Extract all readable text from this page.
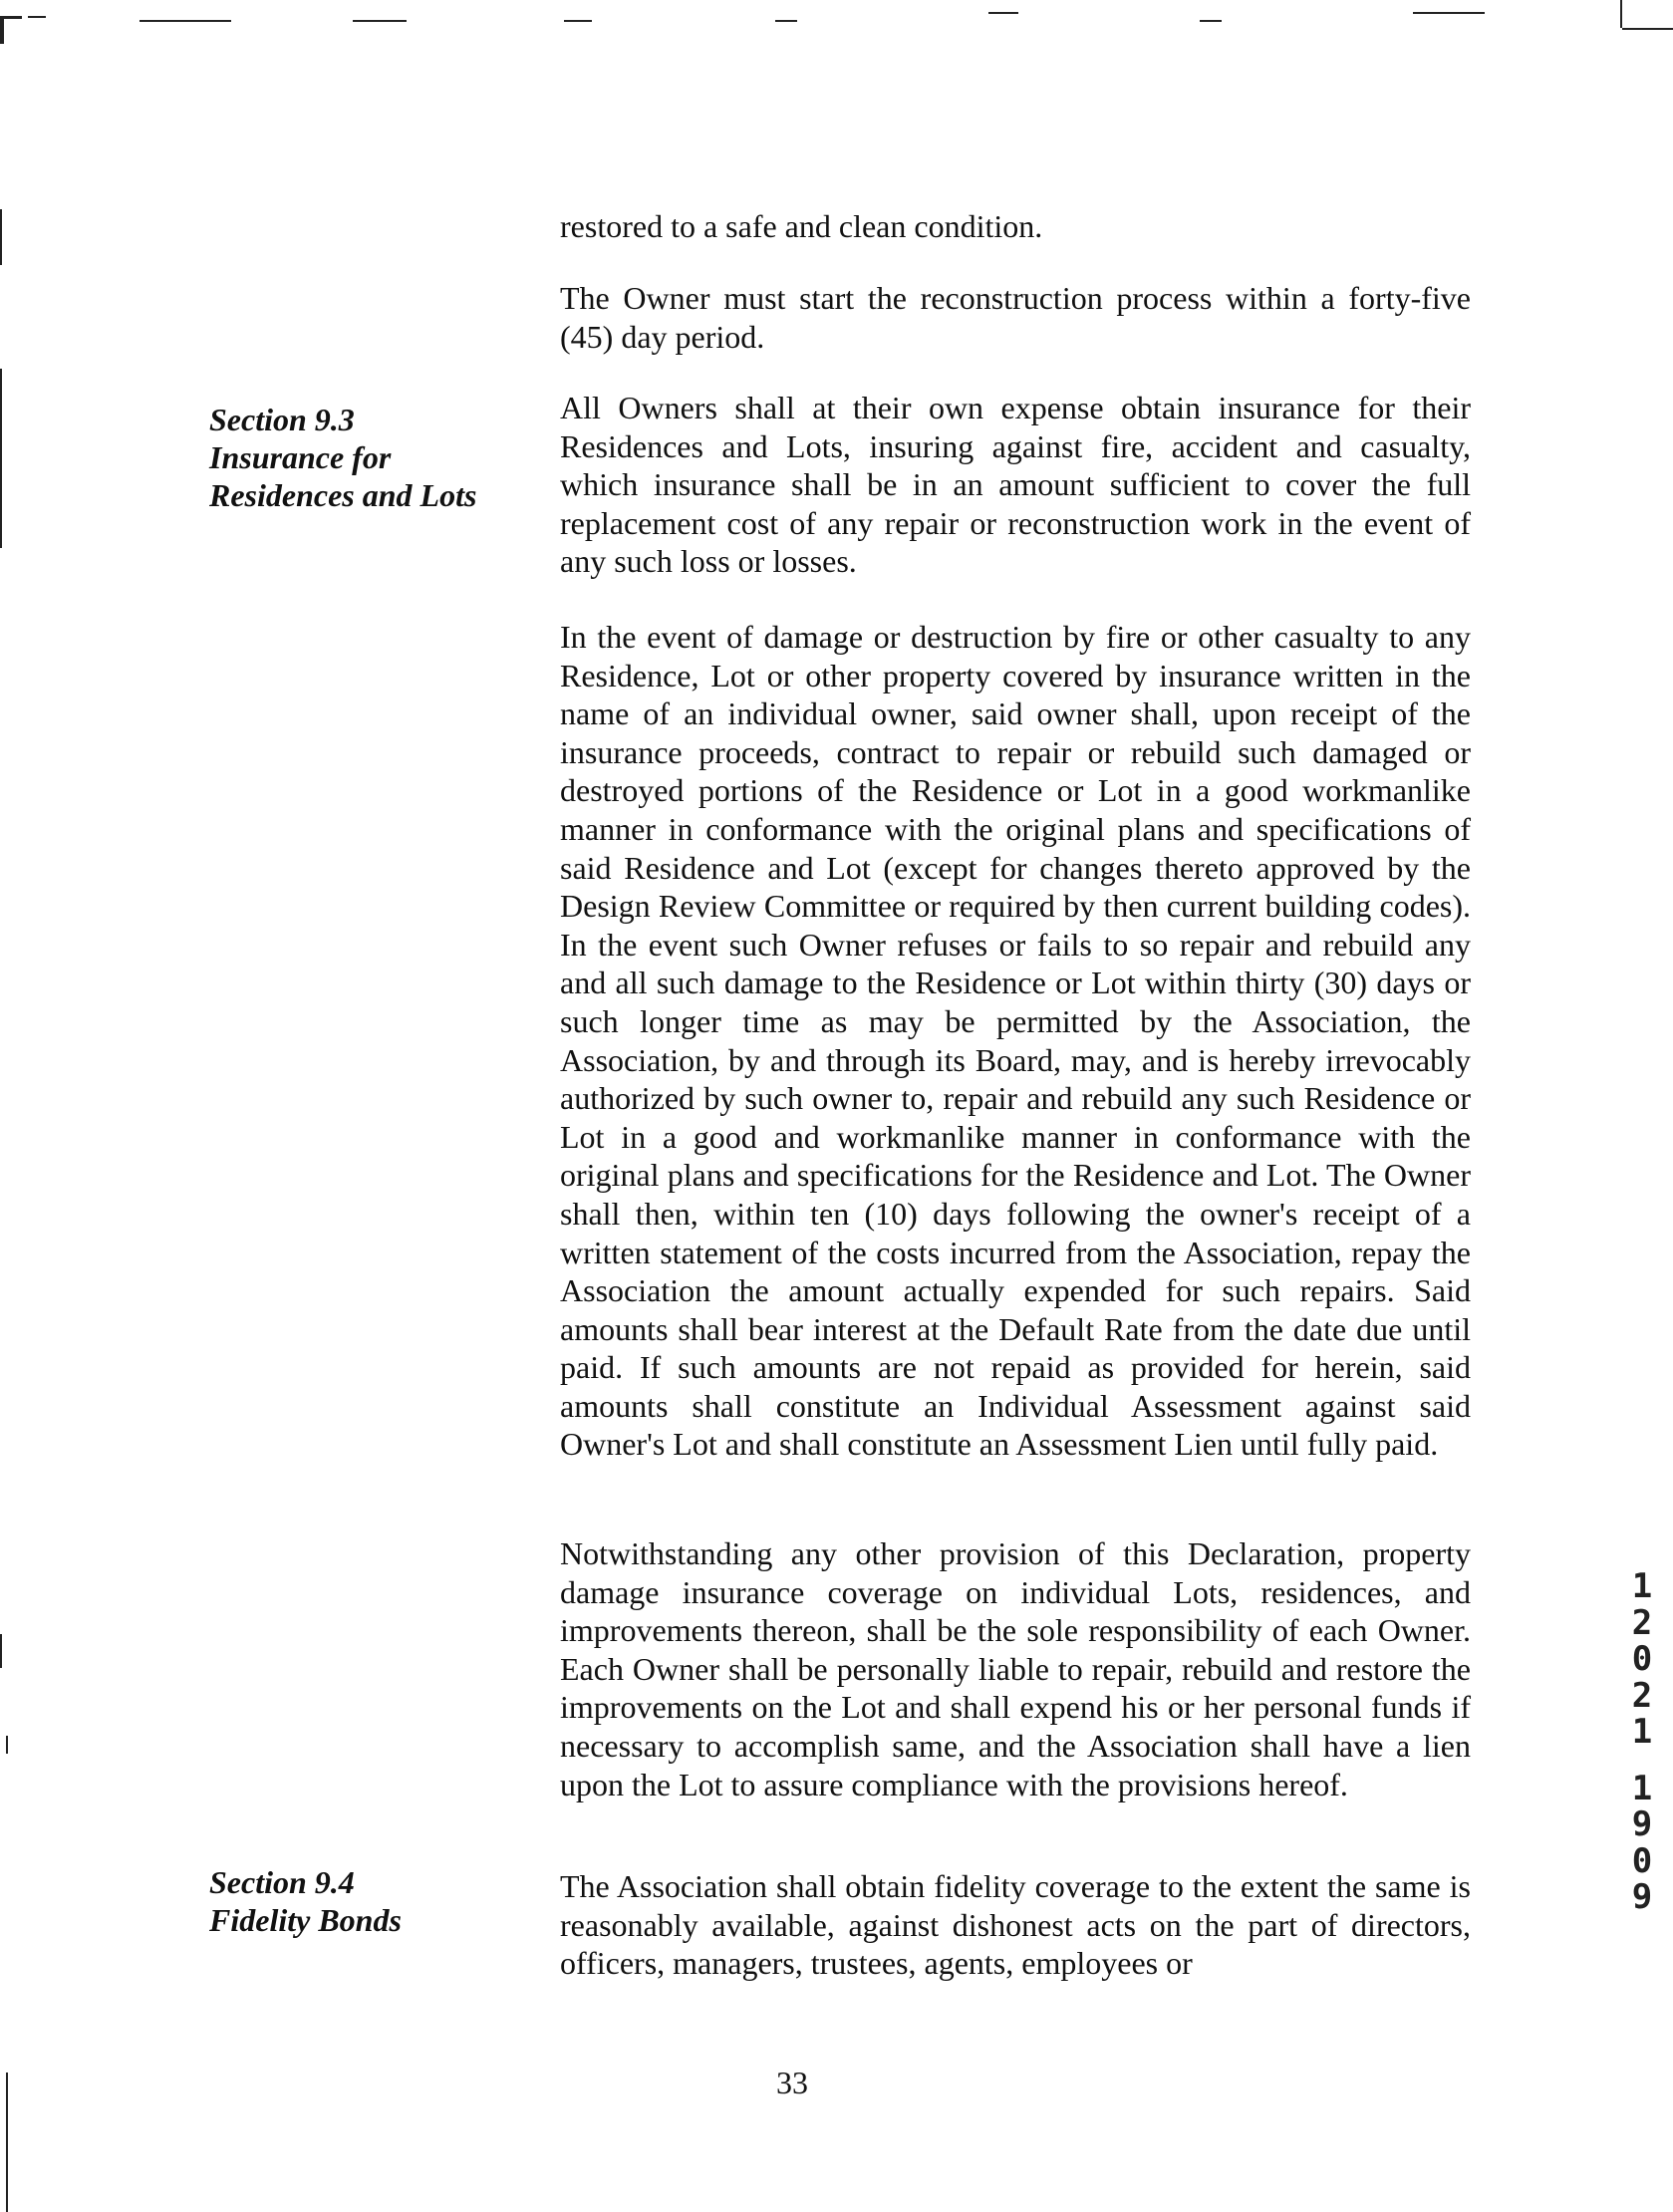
restored to a safe and clean condition.

The Owner must start the reconstruction process within a forty-five (45) day period.

Section 9.3
Insurance for
Residences and Lots

All Owners shall at their own expense obtain insurance for their Residences and Lots, insuring against fire, accident and casualty, which insurance shall be in an amount sufficient to cover the full replacement cost of any repair or reconstruction work in the event of any such loss or losses.

In the event of damage or destruction by fire or other casualty to any Residence, Lot or other property covered by insurance written in the name of an individual owner, said owner shall, upon receipt of the insurance proceeds, contract to repair or rebuild such damaged or destroyed portions of the Residence or Lot in a good workmanlike manner in conformance with the original plans and specifications of said Residence and Lot (except for changes thereto approved by the Design Review Committee or required by then current building codes). In the event such Owner refuses or fails to so repair and rebuild any and all such damage to the Residence or Lot within thirty (30) days or such longer time as may be permitted by the Association, the Association, by and through its Board, may, and is hereby irrevocably authorized by such owner to, repair and rebuild any such Residence or Lot in a good and workmanlike manner in conformance with the original plans and specifications for the Residence and Lot. The Owner shall then, within ten (10) days following the owner's receipt of a written statement of the costs incurred from the Association, repay the Association the amount actually expended for such repairs. Said amounts shall bear interest at the Default Rate from the date due until paid. If such amounts are not repaid as provided for herein, said amounts shall constitute an Individual Assessment against said Owner's Lot and shall constitute an Assessment Lien until fully paid.

Notwithstanding any other provision of this Declaration, property damage insurance coverage on individual Lots, residences, and improvements thereon, shall be the sole responsibility of each Owner. Each Owner shall be personally liable to repair, rebuild and restore the improvements on the Lot and shall expend his or her personal funds if necessary to accomplish same, and the Association shall have a lien upon the Lot to assure compliance with the provisions hereof.

Section 9.4
Fidelity Bonds

The Association shall obtain fidelity coverage to the extent the same is reasonably available, against dishonest acts on the part of directors, officers, managers, trustees, agents, employees or

1
2
0
2
1
1
9
0
9
33
